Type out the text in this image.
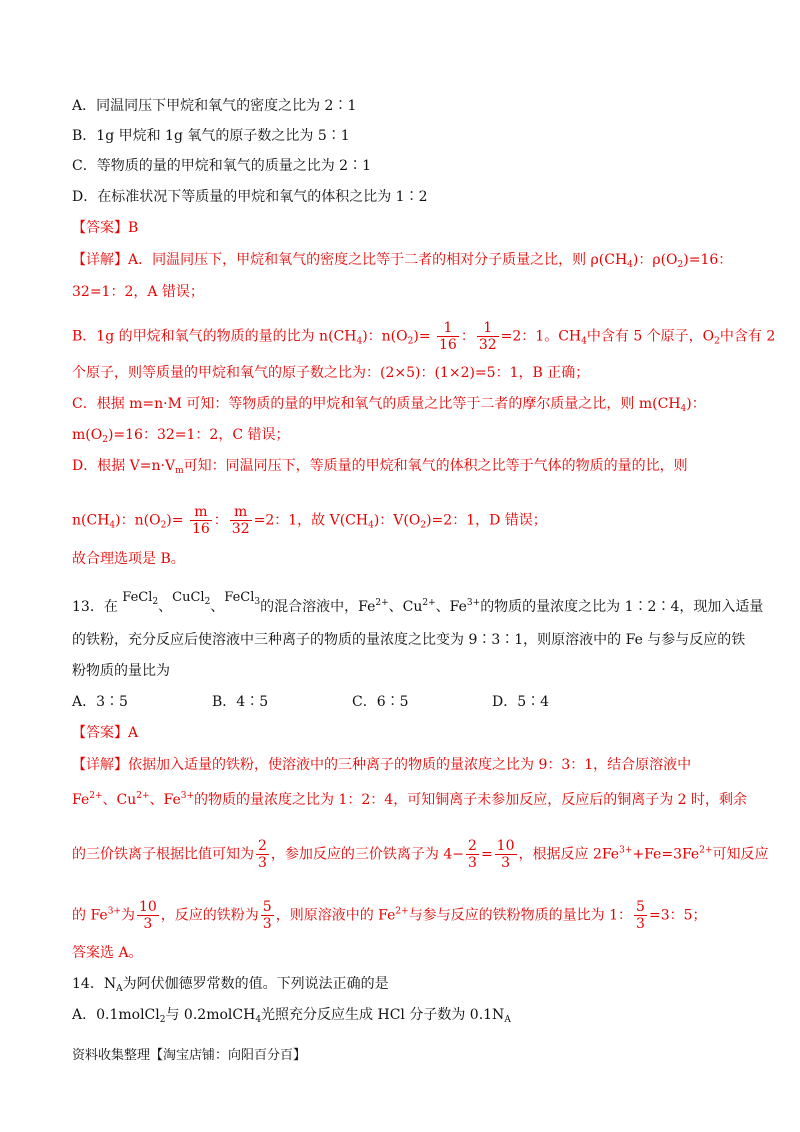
A．同温同压下甲烷和氧气的密度之比为 2∶1
B．1g 甲烷和 1g 氧气的原子数之比为 5∶1
C．等物质的量的甲烷和氧气的质量之比为 2∶1
D．在标准状况下等质量的甲烷和氧气的体积之比为 1∶2
【答案】B
【详解】A．同温同压下，甲烷和氧气的密度之比等于二者的相对分子质量之比，则 $\rho(CH_4)$：$\rho(O_2)=16$：
32=1：2，A 错误；
B．1g 的甲烷和氧气的物质的量的比为 $n(CH_4)$：$n(O_2)= \frac{1}{16}$ ： $\frac{1}{32} =2$：1。$CH_4$中含有 5 个原子，$O_2$中含有 2
个原子，则等质量的甲烷和氧气的原子数之比为：(2×5)：(1×2)=5：1，B 正确；
C．根据 m=n·M 可知：等物质的量的甲烷和氧气的质量之比等于二者的摩尔质量之比，则 $m(CH_4)$：
$m(O_2)=16$：32=1：2，C 错误；
D．根据 $V=n\cdot V_m$可知：同温同压下，等质量的甲烷和氧气的体积之比等于气体的物质的量的比，则
$n(CH_4)$：$n(O_2)= \frac{m}{16}$ ： $\frac{m}{32} =2$：1，故 $V(CH_4)$：$V(O_2)=2$：1，D 错误；
故合理选项是 B。
13．在 FeCl$_2$、CuCl$_2$、FeCl$_3$的混合溶液中，$Fe^{2+}$、$Cu^{2+}$、$Fe^{3+}$的物质的量浓度之比为 1∶2∶4，现加入适量
的铁粉，充分反应后使溶液中三种离子的物质的量浓度之比变为 9∶3∶1，则原溶液中的 Fe 与参与反应的铁
粉物质的量比为
A．3∶5	B．4∶5	C．6∶5	D．5∶4
【答案】A
【详解】依据加入适量的铁粉，使溶液中的三种离子的物质的量浓度之比为 9：3：1，结合原溶液中
$Fe^{2+}$、$Cu^{2+}$、$Fe^{3+}$的物质的量浓度之比为 1：2：4，可知铜离子未参加反应，反应后的铜离子为 2 时，剩余
的三价铁离子根据比值可知为 $\frac{2}{3}$ ，参加反应的三价铁离子为 $4- \frac{2}{3} = \frac{10}{3}$ ，根据反应 $2Fe^{3+}+Fe=3Fe^{2+}$可知反应
的 $Fe^{3+}$为 $\frac{10}{3}$ ，反应的铁粉为 $\frac{5}{3}$ ，则原溶液中的 $Fe^{2+}$与参与反应的铁粉物质的量比为 1： $\frac{5}{3} =3$：5；
答案选 A。
14．$N_A$为阿伏伽德罗常数的值。下列说法正确的是
A．0.1molCl$_2$与 0.2molCH$_4$光照充分反应生成 HCl 分子数为 $0.1N_A$
资料收集整理【淘宝店铺：向阳百分百】
